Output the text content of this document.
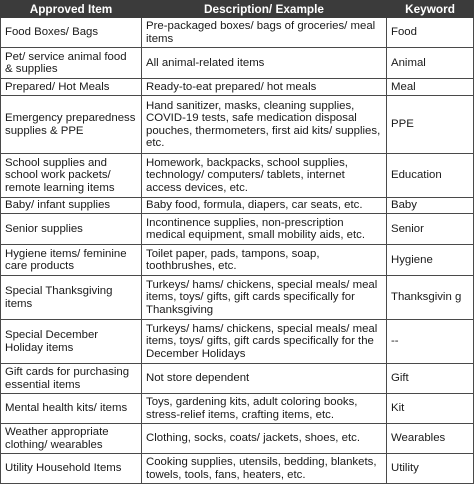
Approved Item	Description/ Example	Keyword
Food Boxes/ Bags	Pre-packaged boxes/ bags of groceries/ meal items	Food
Pet/ service animal food & supplies	All animal-related items	Animal
Prepared/ Hot Meals	Ready-to-eat prepared/ hot meals	Meal
Emergency preparedness supplies & PPE	Hand sanitizer, masks, cleaning supplies, COVID-19 tests, safe medication disposal pouches, thermometers, first aid kits/ supplies, etc.	PPE
School supplies and school work packets/ remote learning items	Homework, backpacks, school supplies, technology/ computers/ tablets, internet access devices, etc.	Education
Baby/ infant supplies	Baby food, formula, diapers, car seats, etc.	Baby
Senior supplies	Incontinence supplies, non-prescription medical equipment, small mobility aids, etc.	Senior
Hygiene items/ feminine care products	Toilet paper, pads, tampons, soap, toothbrushes, etc.	Hygiene
Special Thanksgiving items	Turkeys/ hams/ chickens, special meals/ meal items, toys/ gifts, gift cards specifically for Thanksgiving	Thanksgivin g
Special December Holiday items	Turkeys/ hams/ chickens, special meals/ meal items, toys/ gifts, gift cards specifically for the December Holidays	--
Gift cards for purchasing essential items	Not store dependent	Gift
Mental health kits/ items	Toys, gardening kits, adult coloring books, stress-relief items, crafting items, etc.	Kit
Weather appropriate clothing/ wearables	Clothing, socks, coats/ jackets, shoes, etc.	Wearables
Utility Household Items	Cooking supplies, utensils, bedding, blankets, towels, tools, fans, heaters, etc.	Utility
